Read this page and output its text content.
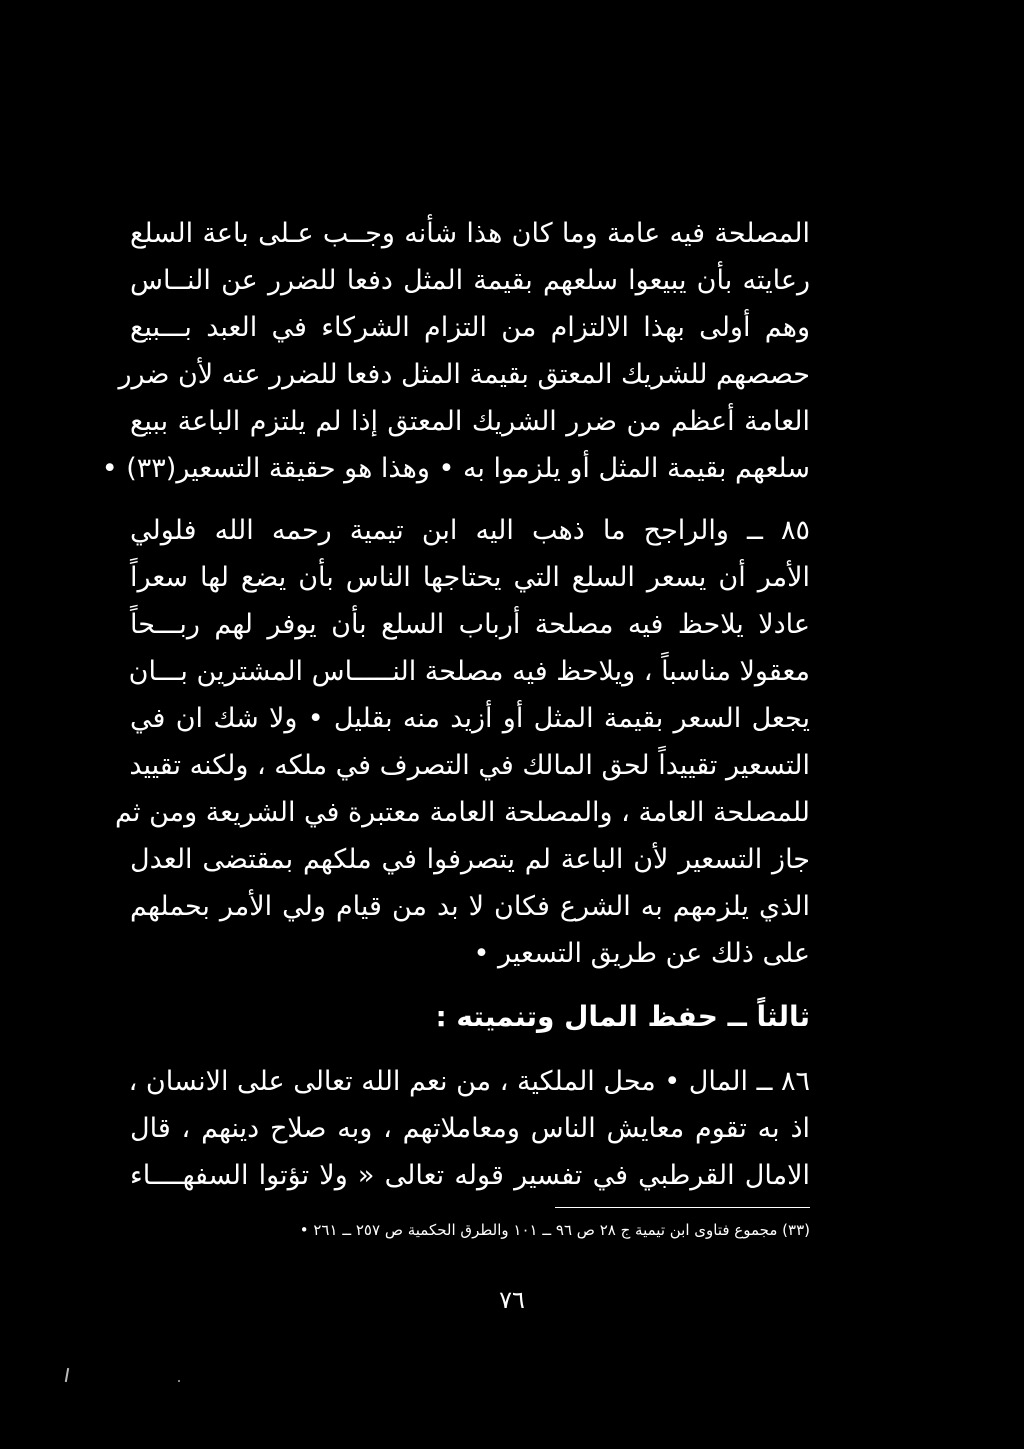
المصلحة فيه عامة وما كان هذا شأنه وجــب عـلى باعة السلع
رعايته بأن يبيعوا سلعهم بقيمة المثل دفعا للضرر عن النــاس
وهم أولى بهذا الالتزام من التزام الشركاء في العبد بـــبيع
حصصهم للشريك المعتق بقيمة المثل دفعا للضرر عنه لأن ضرر
العامة أعظم من ضرر الشريك المعتق إذا لم يلتزم الباعة ببيع
سلعهم بقيمة المثل أو يلزموا به • وهذا هو حقيقة التسعير(٣٣) •
٨٥ ــ والراجح ما ذهب اليه ابن تيمية رحمه الله فلولي
الأمر أن يسعر السلع التي يحتاجها الناس بأن يضع لها سعراً
عادلا يلاحظ فيه مصلحة أرباب السلع بأن يوفر لهم ربـــحاً
معقولا مناسباً ، ويلاحظ فيه مصلحة النـــــاس المشترين بـــان
يجعل السعر بقيمة المثل أو أزيد منه بقليل • ولا شك ان في
التسعير تقييداً لحق المالك في التصرف في ملكه ، ولكنه تقييد
للمصلحة العامة ، والمصلحة العامة معتبرة في الشريعة ومن ثم
جاز التسعير لأن الباعة لم يتصرفوا في ملكهم بمقتضى العدل
الذي يلزمهم به الشرع فكان لا بد من قيام ولي الأمر بحملهم
على ذلك عن طريق التسعير •
ثالثاً ــ حفظ المال وتنميته :
٨٦ ــ المال • محل الملكية ، من نعم الله تعالى على الانسان ،
اذ به تقوم معايش الناس ومعاملاتهم ، وبه صلاح دينهم ، قال
الامال القرطبي في تفسير قوله تعالى « ولا تؤتوا السفهــــاء
(٣٣) مجموع فتاوى ابن تيمية ج ٢٨ ص ٩٦ ــ ١٠١ والطرق الحكمية ص ٢٥٧ ــ ٢٦١ •
٧٦
